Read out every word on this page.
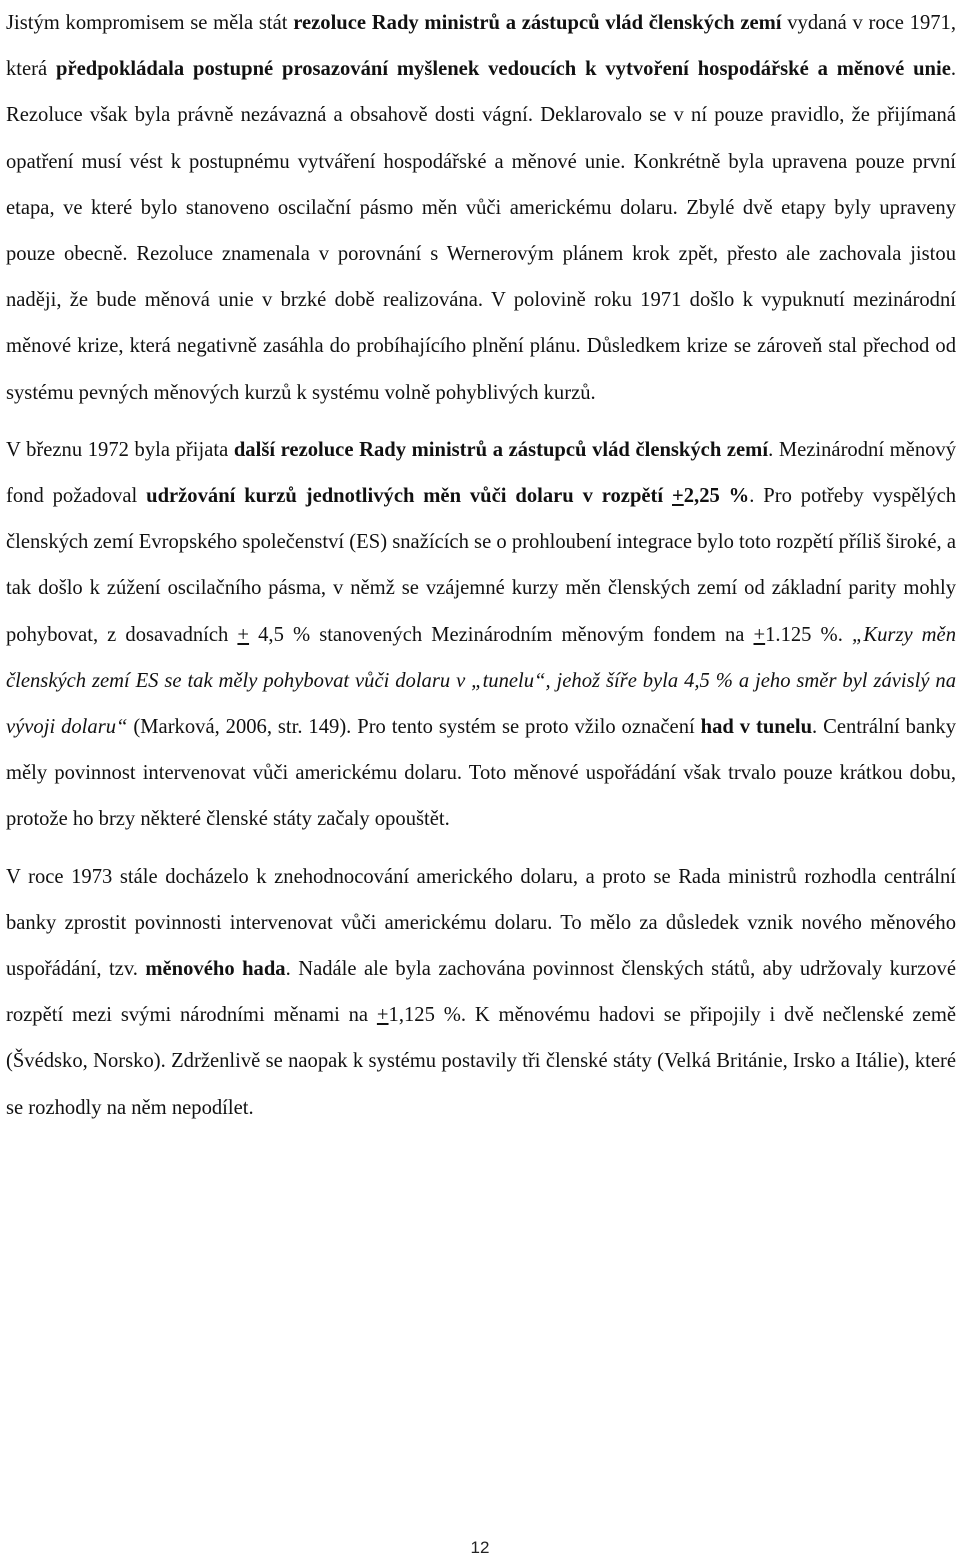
Jistým kompromisem se měla stát rezoluce Rady ministrů a zástupců vlád členských zemí vydaná v roce 1971, která předpokládala postupné prosazování myšlenek vedoucích k vytvoření hospodářské a měnové unie. Rezoluce však byla právně nezávazná a obsahově dosti vágní. Deklarovalo se v ní pouze pravidlo, že přijímaná opatření musí vést k postupnému vytváření hospodářské a měnové unie. Konkrétně byla upravena pouze první etapa, ve které bylo stanoveno oscilační pásmo měn vůči americkému dolaru. Zbylé dvě etapy byly upraveny pouze obecně. Rezoluce znamenala v porovnání s Wernerovým plánem krok zpět, přesto ale zachovala jistou naději, že bude měnová unie v brzké době realizována. V polovině roku 1971 došlo k vypuknutí mezinárodní měnové krize, která negativně zasáhla do probíhajícího plnění plánu. Důsledkem krize se zároveň stal přechod od systému pevných měnových kurzů k systému volně pohyblivých kurzů.

V březnu 1972 byla přijata další rezoluce Rady ministrů a zástupců vlád členských zemí. Mezinárodní měnový fond požadoval udržování kurzů jednotlivých měn vůči dolaru v rozpětí +2,25 %. Pro potřeby vyspělých členských zemí Evropského společenství (ES) snažících se o prohloubení integrace bylo toto rozpětí příliš široké, a tak došlo k zúžení oscilačního pásma, v němž se vzájemné kurzy měn členských zemí od základní parity mohly pohybovat, z dosavadních + 4,5 % stanovených Mezinárodním měnovým fondem na +1.125 %. „Kurzy měn členských zemí ES se tak měly pohybovat vůči dolaru v „tunelu“, jehož šíře byla 4,5 % a jeho směr byl závislý na vývoji dolaru“ (Marková, 2006, str. 149). Pro tento systém se proto vžilo označení had v tunelu. Centrální banky měly povinnost intervenovat vůči americkému dolaru. Toto měnové uspořádání však trvalo pouze krátkou dobu, protože ho brzy některé členské státy začaly opouštět.

V roce 1973 stále docházelo k znehodnocování amerického dolaru, a proto se Rada ministrů rozhodla centrální banky zprostit povinnosti intervenovat vůči americkému dolaru. To mělo za důsledek vznik nového měnového uspořádání, tzv. měnového hada. Nadále ale byla zachována povinnost členských států, aby udržovaly kurzové rozpětí mezi svými národními měnami na +1,125 %. K měnovému hadovi se připojily i dvě nečlenské země (Švédsko, Norsko). Zdrženlivě se naopak k systému postavily tři členské státy (Velká Británie, Irsko a Itálie), které se rozhodly na něm nepodílet.

12
